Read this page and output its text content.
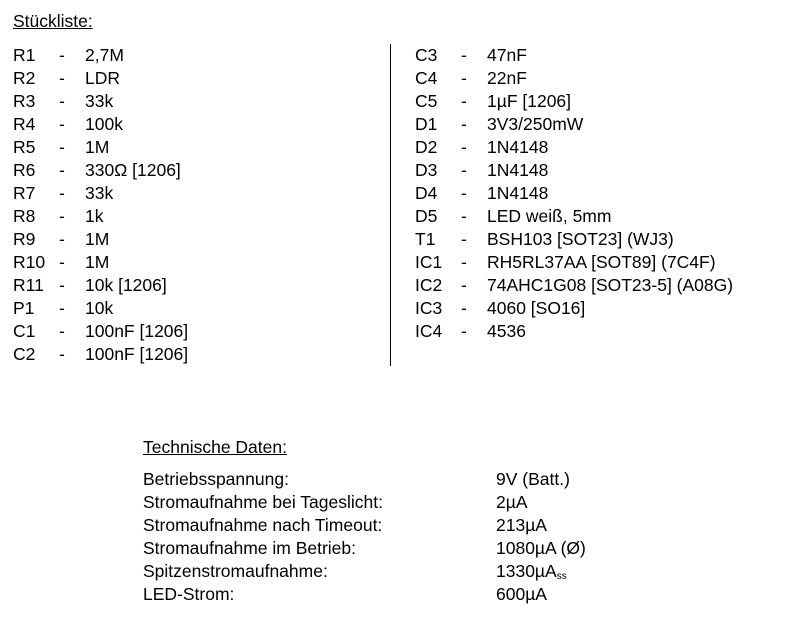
Stückliste:
R1 - 2,7M
R2 - LDR
R3 - 33k
R4 - 100k
R5 - 1M
R6 - 330Ω [1206]
R7 - 33k
R8 - 1k
R9 - 1M
R10 - 1M
R11 - 10k [1206]
P1 - 10k
C1 - 100nF [1206]
C2 - 100nF [1206]
C3 - 47nF
C4 - 22nF
C5 - 1µF [1206]
D1 - 3V3/250mW
D2 - 1N4148
D3 - 1N4148
D4 - 1N4148
D5 - LED weiß, 5mm
T1 - BSH103 [SOT23] (WJ3)
IC1 - RH5RL37AA [SOT89] (7C4F)
IC2 - 74AHC1G08 [SOT23-5] (A08G)
IC3 - 4060 [SO16]
IC4 - 4536
Technische Daten:
Betriebsspannung:	9V (Batt.)
Stromaufnahme bei Tageslicht:	2µA
Stromaufnahme nach Timeout:	213µA
Stromaufnahme im Betrieb:	1080µA (Ø)
Spitzenstromaufnahme:	1330µA$_{ss}$
LED-Strom:	600µA
